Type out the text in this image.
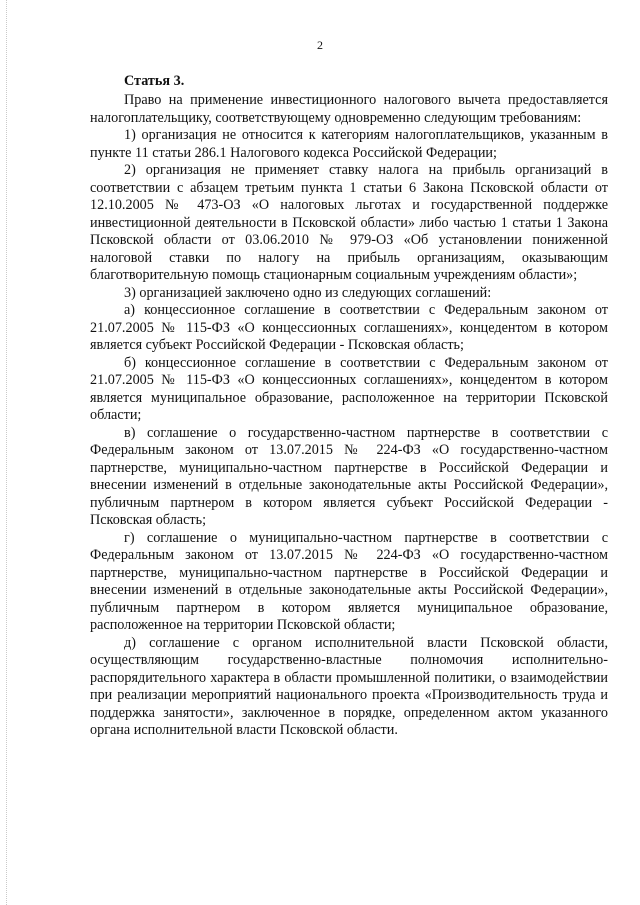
2

Статья 3.

Право на применение инвестиционного налогового вычета предоставляется налогоплательщику, соответствующему одновременно следующим требованиям:

1) организация не относится к категориям налогоплательщиков, указанным в пункте 11 статьи 286.1 Налогового кодекса Российской Федерации;

2) организация не применяет ставку налога на прибыль организаций в соответствии с абзацем третьим пункта 1 статьи 6 Закона Псковской области от 12.10.2005 № 473-ОЗ «О налоговых льготах и государственной поддержке инвестиционной деятельности в Псковской области» либо частью 1 статьи 1 Закона Псковской области от 03.06.2010 № 979-ОЗ «Об установлении пониженной налоговой ставки по налогу на прибыль организациям, оказывающим благотворительную помощь стационарным социальным учреждениям области»;

3) организацией заключено одно из следующих соглашений:

а) концессионное соглашение в соответствии с Федеральным законом от 21.07.2005 № 115-ФЗ «О концессионных соглашениях», концедентом в котором является субъект Российской Федерации - Псковская область;

б) концессионное соглашение в соответствии с Федеральным законом от 21.07.2005 № 115-ФЗ «О концессионных соглашениях», концедентом в котором является муниципальное образование, расположенное на территории Псковской области;

в) соглашение о государственно-частном партнерстве в соответствии с Федеральным законом от 13.07.2015 № 224-ФЗ «О государственно-частном партнерстве, муниципально-частном партнерстве в Российской Федерации и внесении изменений в отдельные законодательные акты Российской Федерации», публичным партнером в котором является субъект Российской Федерации - Псковская область;

г) соглашение о муниципально-частном партнерстве в соответствии с Федеральным законом от 13.07.2015 № 224-ФЗ «О государственно-частном партнерстве, муниципально-частном партнерстве в Российской Федерации и внесении изменений в отдельные законодательные акты Российской Федерации», публичным партнером в котором является муниципальное образование, расположенное на территории Псковской области;

д) соглашение с органом исполнительной власти Псковской области, осуществляющим государственно-властные полномочия исполнительно-распорядительного характера в области промышленной политики, о взаимодействии при реализации мероприятий национального проекта «Производительность труда и поддержка занятости», заключенное в порядке, определенном актом указанного органа исполнительной власти Псковской области.
